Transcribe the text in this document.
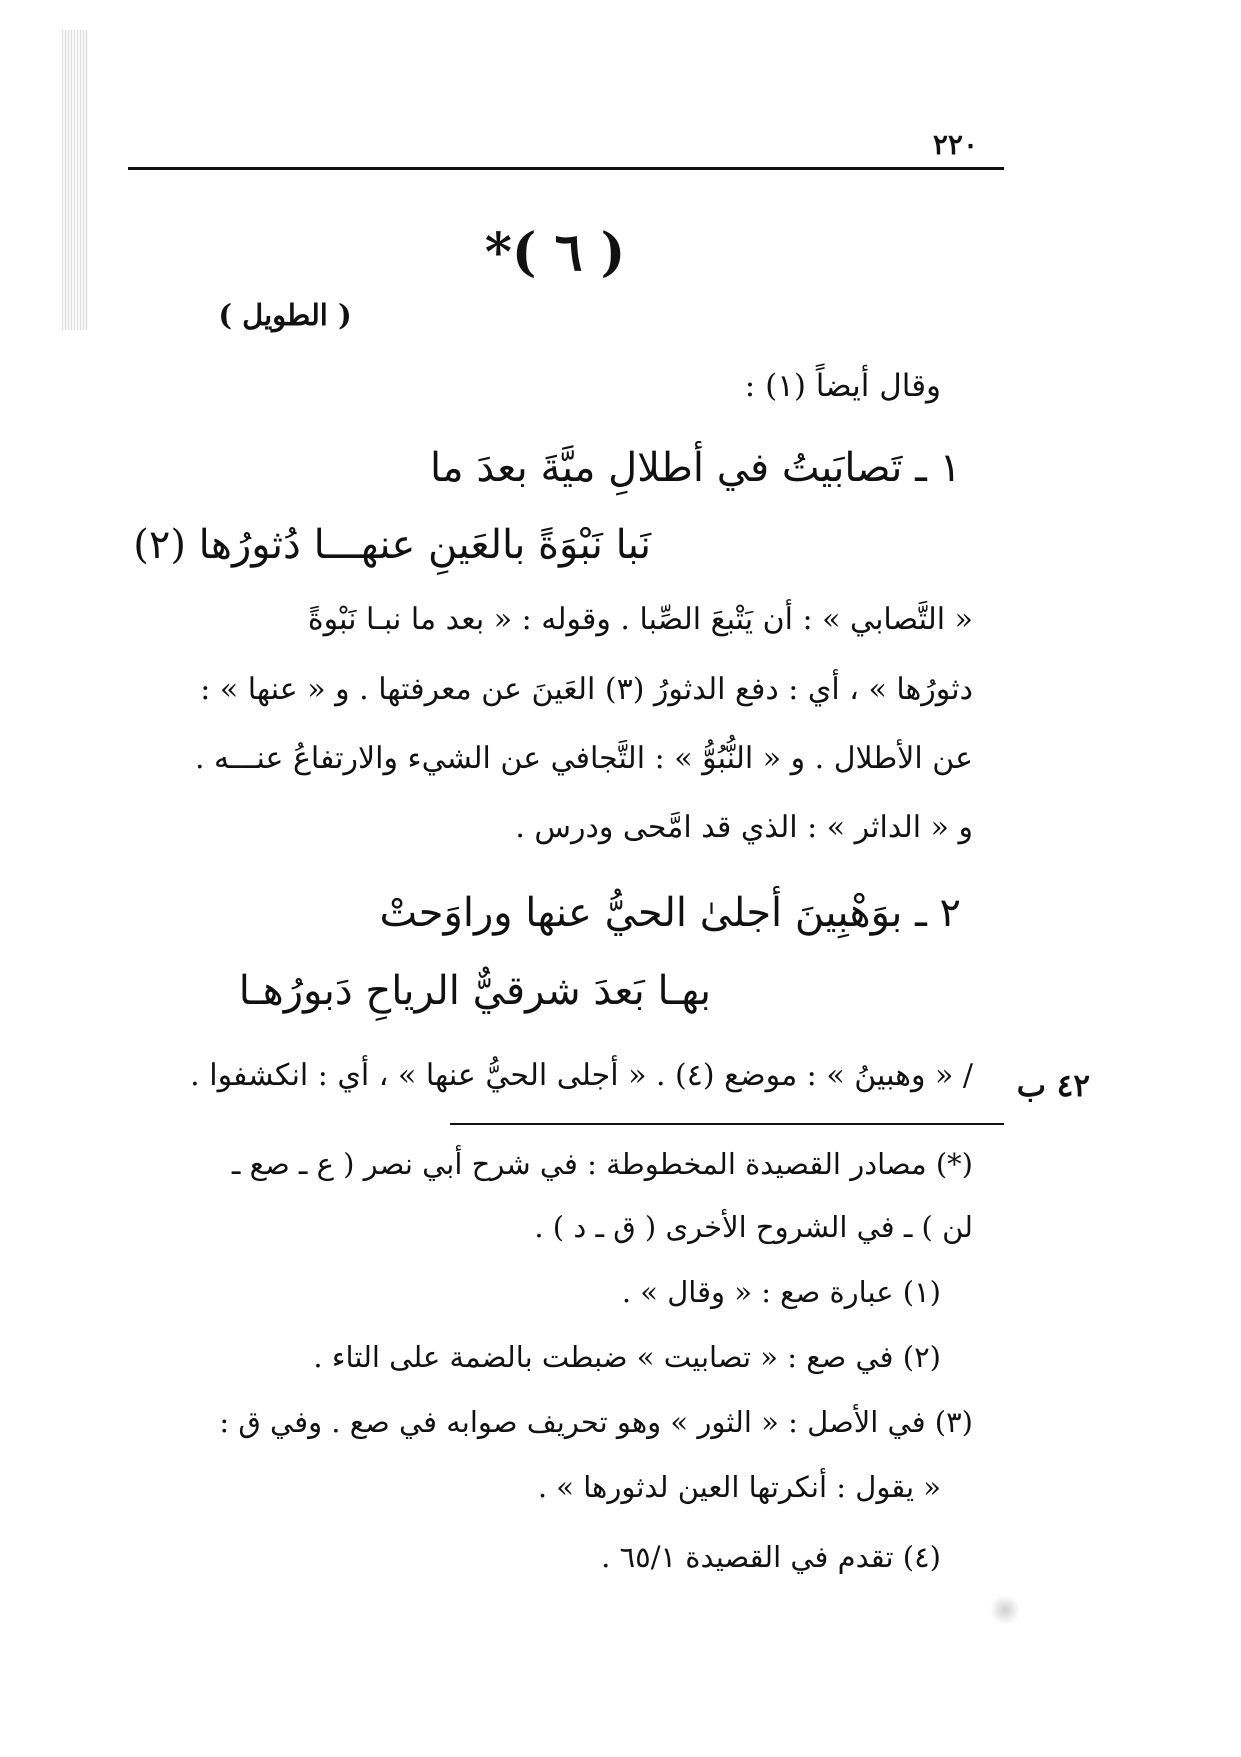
٢٢٠
*( ٦ )
( الطويل )
وقال أيضاً (١) :
١ ـ تَصابَيتُ في أطلالِ ميَّةَ بعدَ ما
نَبا نَبْوَةً بالعَينِ عنهـــا دُثورُها (٢)
« التَّصابي » : أن يَتْبعَ الصِّبا . وقوله : « بعد ما نبـا نَبْوةً
دثورُها » ، أي : دفع الدثورُ (٣) العَينَ عن معرفتها . و « عنها » :
عن الأطلال . و « النُّبُوُّ » : التَّجافي عن الشيء والارتفاعُ عنـــه .
و « الداثر » : الذي قد امَّحى ودرس .
٢ ـ بوَهْبِينَ أجلىٰ الحيُّ عنها وراوَحتْ
بهـا بَعدَ شرقيٌّ الرياحِ دَبورُهـا
/ « وهبينُ » : موضع (٤) . « أجلى الحيُّ عنها » ، أي : انكشفوا .	٤٢ ب
(*) مصادر القصيدة المخطوطة : في شرح أبي نصر ( ع ـ صع ـ
لن ) ـ في الشروح الأخرى ( ق ـ د ) .
(١) عبارة صع : « وقال » .
(٢) في صع : « تصابيت » ضبطت بالضمة على التاء .
(٣) في الأصل : « الثور » وهو تحريف صوابه في صع . وفي ق :
« يقول : أنكرتها العين لدثورها » .
(٤) تقدم في القصيدة ٦٥/١ .
